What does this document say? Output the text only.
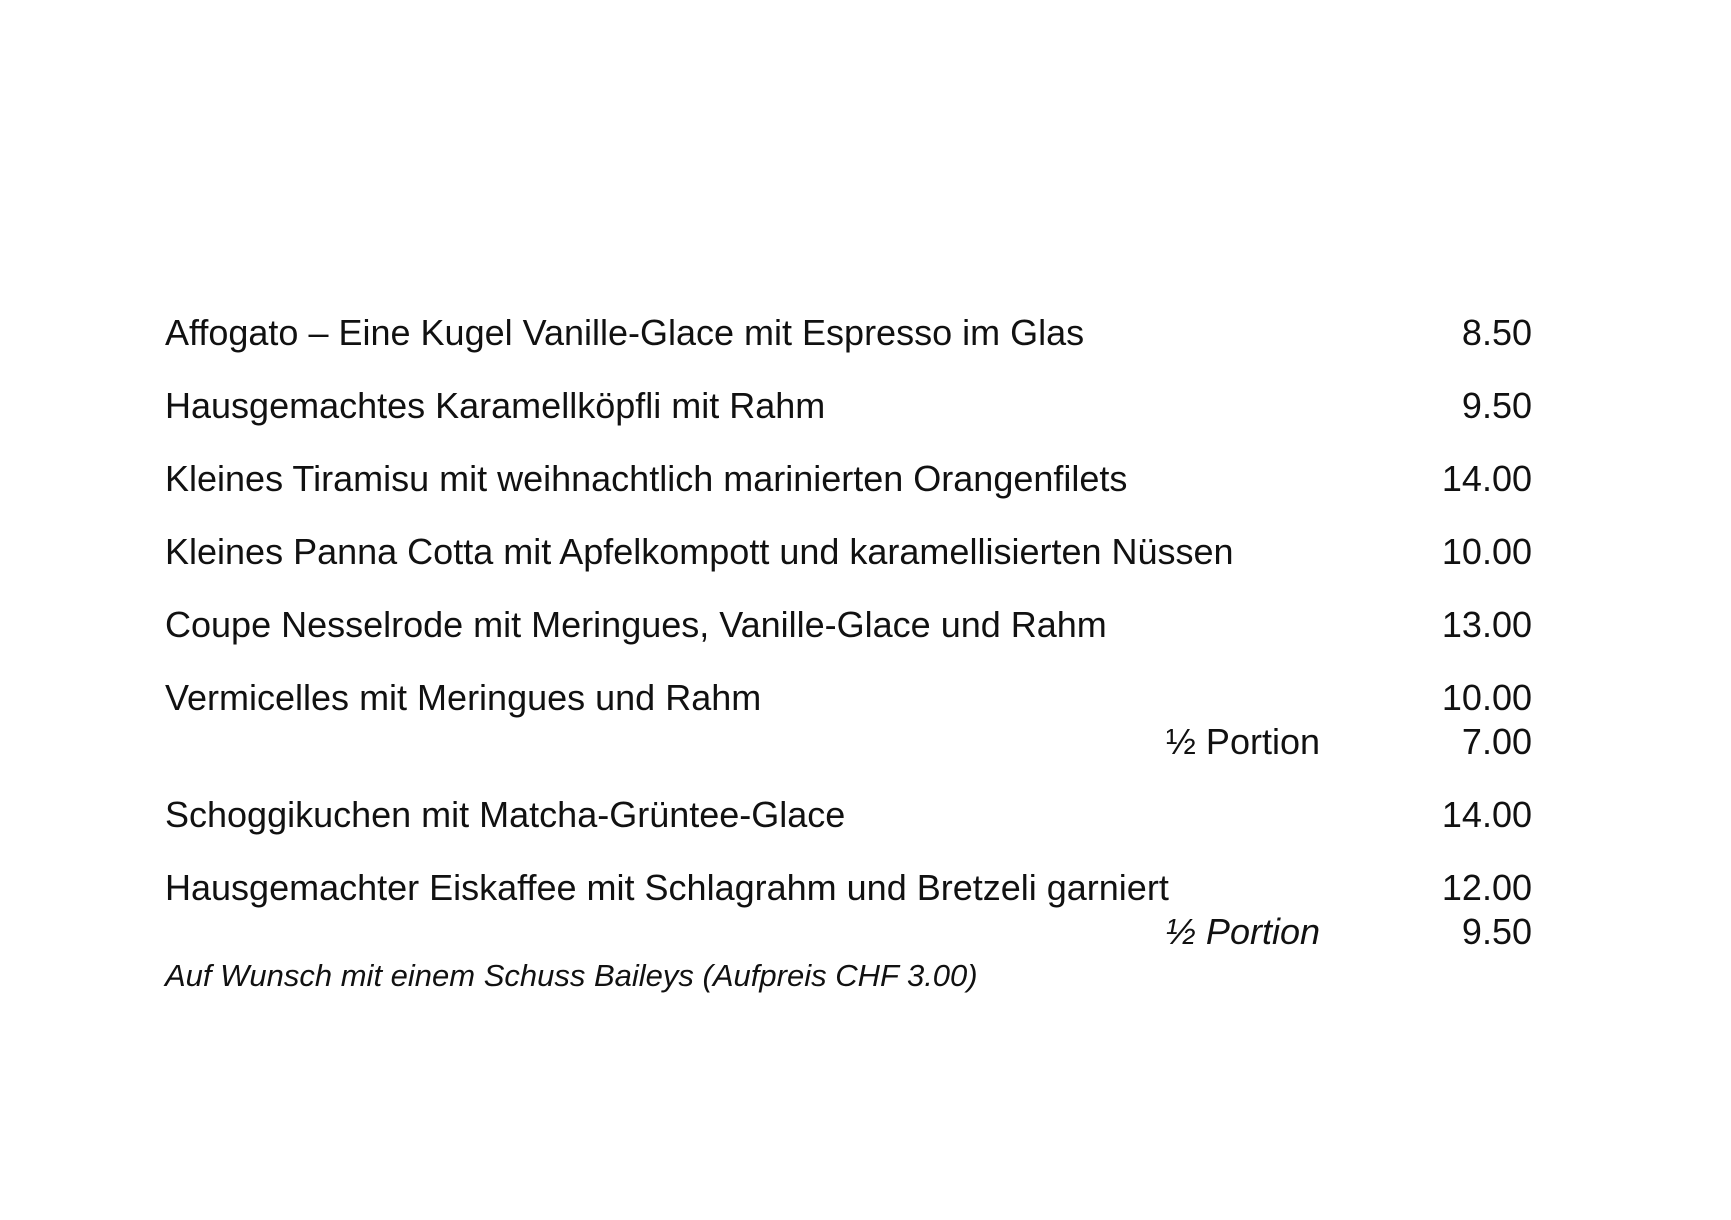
Affogato – Eine Kugel Vanille-Glace mit Espresso im Glas	8.50
Hausgemachtes Karamellköpfli mit Rahm	9.50
Kleines Tiramisu mit weihnachtlich marinierten Orangenfilets	14.00
Kleines Panna Cotta mit Apfelkompott und karamellisierten Nüssen	10.00
Coupe Nesselrode mit Meringues, Vanille-Glace und Rahm	13.00
Vermicelles mit Meringues und Rahm	10.00
½ Portion	7.00
Schoggikuchen mit Matcha-Grüntee-Glace	14.00
Hausgemachter Eiskaffee mit Schlagrahm und Bretzeli garniert	12.00
½ Portion	9.50
Auf Wunsch mit einem Schuss Baileys (Aufpreis CHF 3.00)
